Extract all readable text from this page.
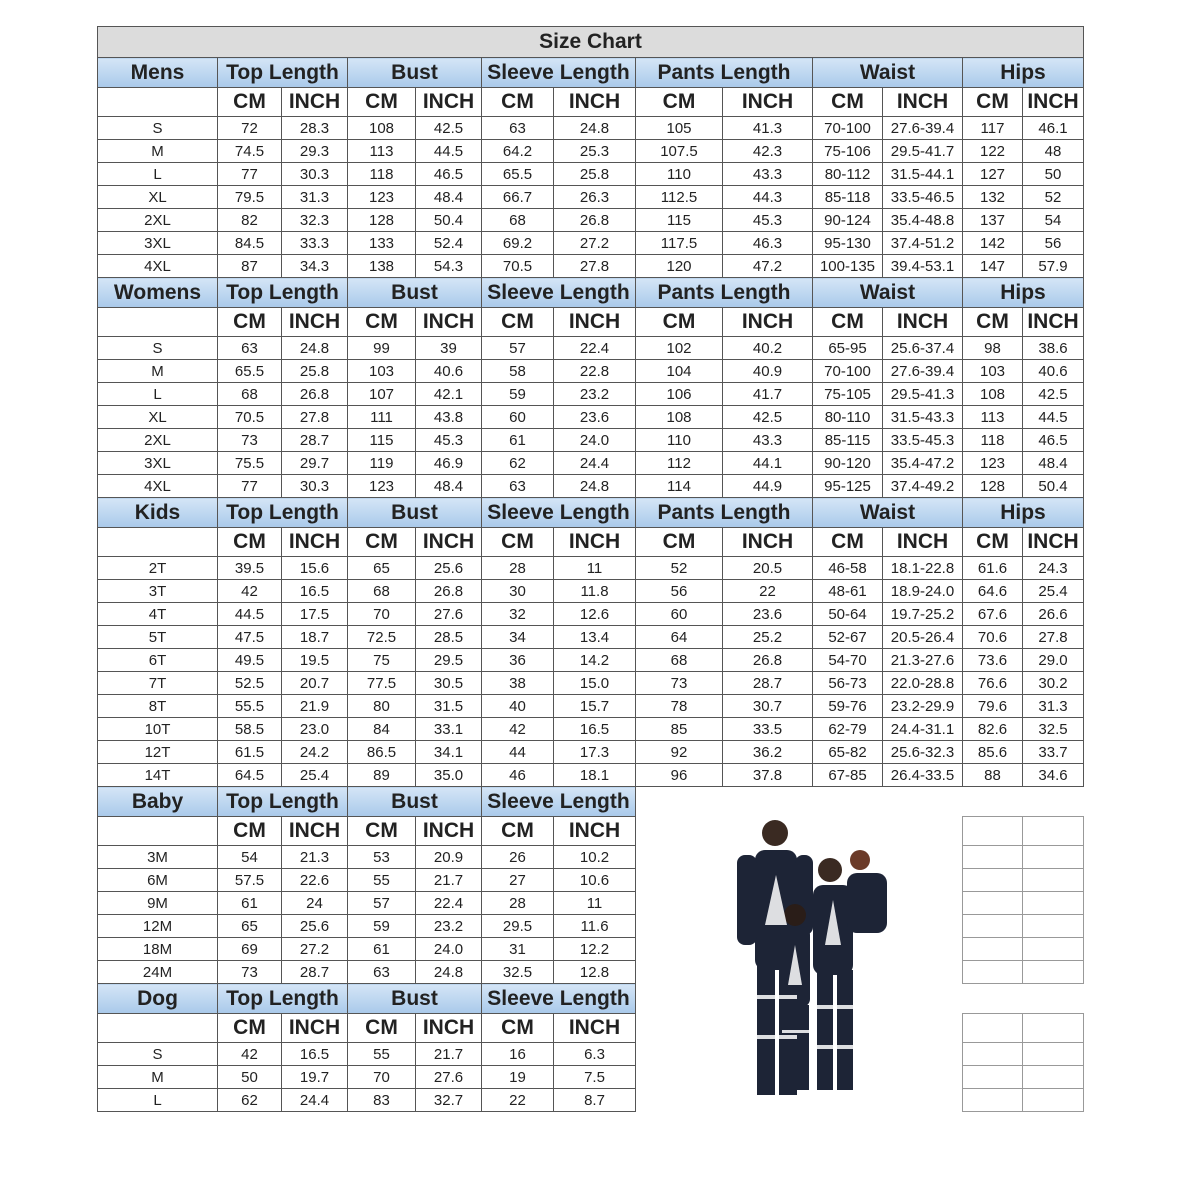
Size Chart												
Mens	Top Length		Bust		Sleeve Length		Pants Length		Waist		Hips	
	CM	INCH	CM	INCH	CM	INCH	CM	INCH	CM	INCH	CM	INCH
S	72	28.3	108	42.5	63	24.8	105	41.3	70-100	27.6-39.4	117	46.1
M	74.5	29.3	113	44.5	64.2	25.3	107.5	42.3	75-106	29.5-41.7	122	48
L	77	30.3	118	46.5	65.5	25.8	110	43.3	80-112	31.5-44.1	127	50
XL	79.5	31.3	123	48.4	66.7	26.3	112.5	44.3	85-118	33.5-46.5	132	52
2XL	82	32.3	128	50.4	68	26.8	115	45.3	90-124	35.4-48.8	137	54
3XL	84.5	33.3	133	52.4	69.2	27.2	117.5	46.3	95-130	37.4-51.2	142	56
4XL	87	34.3	138	54.3	70.5	27.8	120	47.2	100-135	39.4-53.1	147	57.9
Womens	Top Length		Bust		Sleeve Length		Pants Length		Waist		Hips	
	CM	INCH	CM	INCH	CM	INCH	CM	INCH	CM	INCH	CM	INCH
S	63	24.8	99	39	57	22.4	102	40.2	65-95	25.6-37.4	98	38.6
M	65.5	25.8	103	40.6	58	22.8	104	40.9	70-100	27.6-39.4	103	40.6
L	68	26.8	107	42.1	59	23.2	106	41.7	75-105	29.5-41.3	108	42.5
XL	70.5	27.8	111	43.8	60	23.6	108	42.5	80-110	31.5-43.3	113	44.5
2XL	73	28.7	115	45.3	61	24.0	110	43.3	85-115	33.5-45.3	118	46.5
3XL	75.5	29.7	119	46.9	62	24.4	112	44.1	90-120	35.4-47.2	123	48.4
4XL	77	30.3	123	48.4	63	24.8	114	44.9	95-125	37.4-49.2	128	50.4
Kids	Top Length		Bust		Sleeve Length		Pants Length		Waist		Hips	
	CM	INCH	CM	INCH	CM	INCH	CM	INCH	CM	INCH	CM	INCH
2T	39.5	15.6	65	25.6	28	11	52	20.5	46-58	18.1-22.8	61.6	24.3
3T	42	16.5	68	26.8	30	11.8	56	22	48-61	18.9-24.0	64.6	25.4
4T	44.5	17.5	70	27.6	32	12.6	60	23.6	50-64	19.7-25.2	67.6	26.6
5T	47.5	18.7	72.5	28.5	34	13.4	64	25.2	52-67	20.5-26.4	70.6	27.8
6T	49.5	19.5	75	29.5	36	14.2	68	26.8	54-70	21.3-27.6	73.6	29.0
7T	52.5	20.7	77.5	30.5	38	15.0	73	28.7	56-73	22.0-28.8	76.6	30.2
8T	55.5	21.9	80	31.5	40	15.7	78	30.7	59-76	23.2-29.9	79.6	31.3
10T	58.5	23.0	84	33.1	42	16.5	85	33.5	62-79	24.4-31.1	82.6	32.5
12T	61.5	24.2	86.5	34.1	44	17.3	92	36.2	65-82	25.6-32.3	85.6	33.7
14T	64.5	25.4	89	35.0	46	18.1	96	37.8	67-85	26.4-33.5	88	34.6
Baby	Top Length		Bust		Sleeve Length							
	CM	INCH	CM	INCH	CM	INCH						
3M	54	21.3	53	20.9	26	10.2						
6M	57.5	22.6	55	21.7	27	10.6						
9M	61	24	57	22.4	28	11						
12M	65	25.6	59	23.2	29.5	11.6						
18M	69	27.2	61	24.0	31	12.2						
24M	73	28.7	63	24.8	32.5	12.8						
Dog	Top Length		Bust		Sleeve Length							
	CM	INCH	CM	INCH	CM	INCH						
S	42	16.5	55	21.7	16	6.3						
M	50	19.7	70	27.6	19	7.5						
L	62	24.4	83	32.7	22	8.7						
